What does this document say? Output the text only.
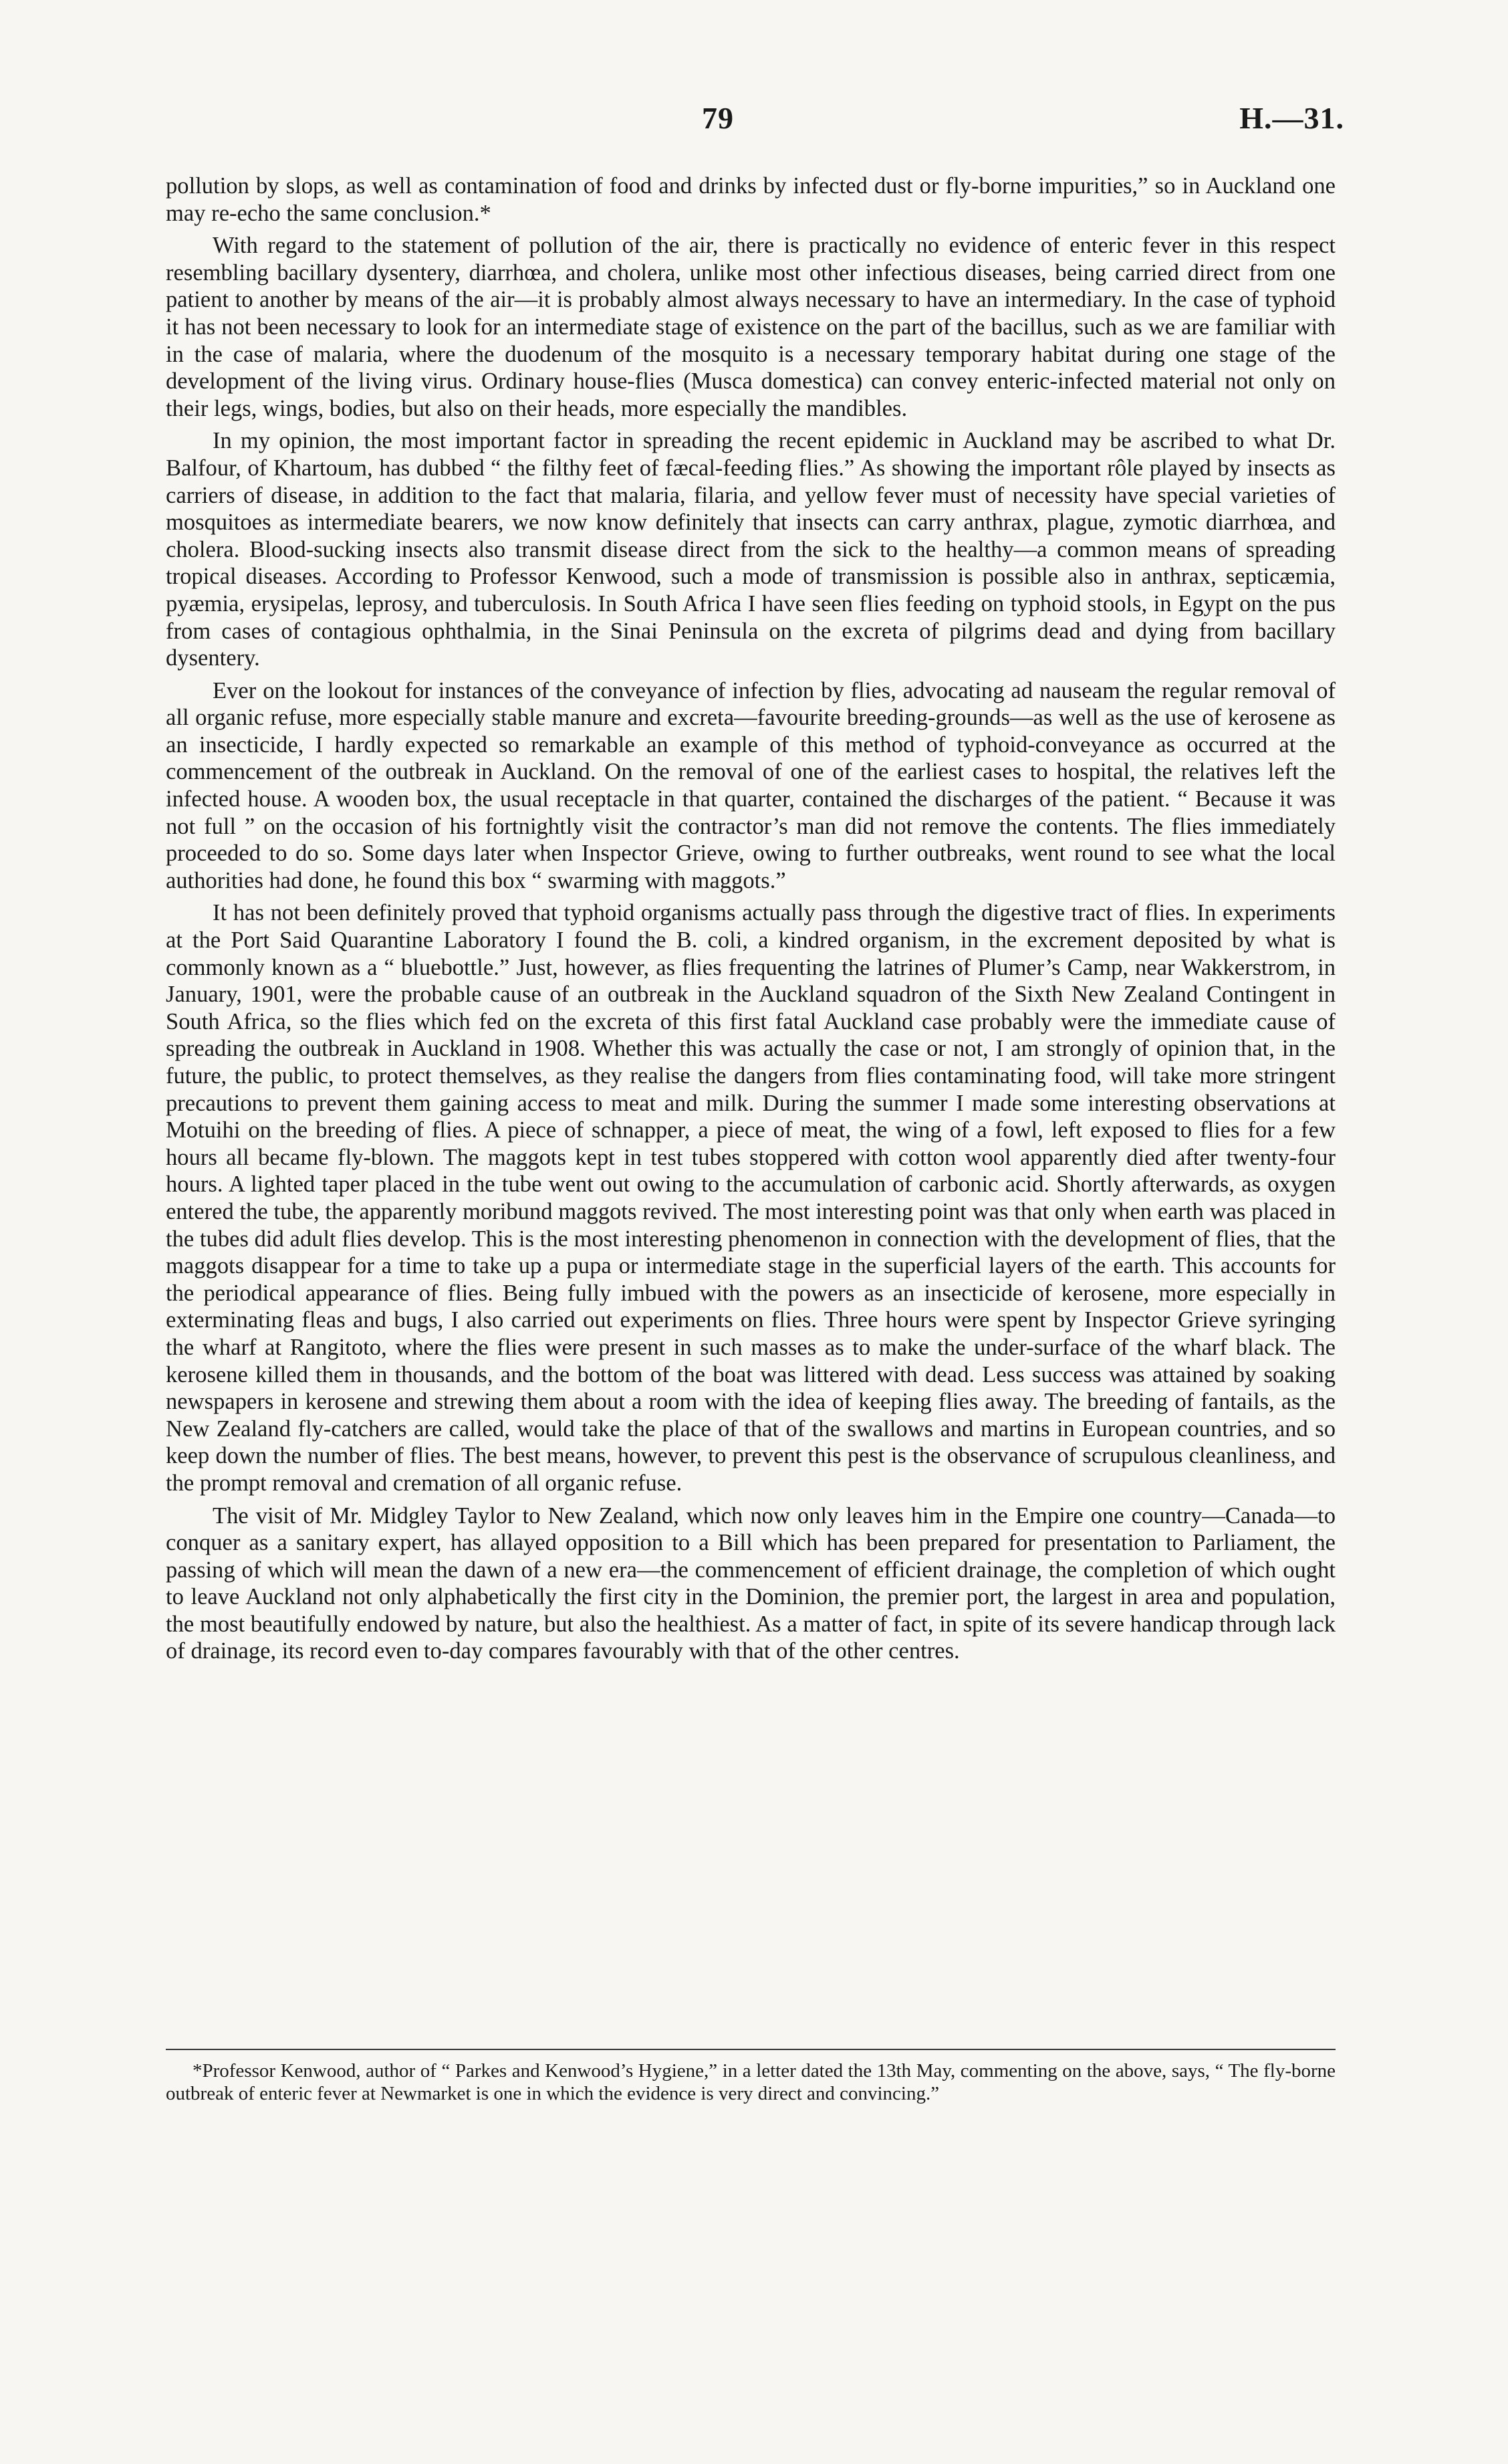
79	H.—31.

pollution by slops, as well as contamination of food and drinks by infected dust or fly-borne impurities,” so in Auckland one may re-echo the same conclusion.*

With regard to the statement of pollution of the air, there is practically no evidence of enteric fever in this respect resembling bacillary dysentery, diarrhœa, and cholera, unlike most other infectious diseases, being carried direct from one patient to another by means of the air—it is probably almost always necessary to have an intermediary. In the case of typhoid it has not been necessary to look for an intermediate stage of existence on the part of the bacillus, such as we are familiar with in the case of malaria, where the duodenum of the mosquito is a necessary temporary habitat during one stage of the development of the living virus. Ordinary house-flies (Musca domestica) can convey enteric-infected material not only on their legs, wings, bodies, but also on their heads, more especially the mandibles.

In my opinion, the most important factor in spreading the recent epidemic in Auckland may be ascribed to what Dr. Balfour, of Khartoum, has dubbed “ the filthy feet of fæcal-feeding flies.” As showing the important rôle played by insects as carriers of disease, in addition to the fact that malaria, filaria, and yellow fever must of necessity have special varieties of mosquitoes as intermediate bearers, we now know definitely that insects can carry anthrax, plague, zymotic diarrhœa, and cholera. Blood-sucking insects also transmit disease direct from the sick to the healthy—a common means of spreading tropical diseases. According to Professor Kenwood, such a mode of transmission is possible also in anthrax, septicæmia, pyæmia, erysipelas, leprosy, and tuberculosis. In South Africa I have seen flies feeding on typhoid stools, in Egypt on the pus from cases of contagious ophthalmia, in the Sinai Peninsula on the excreta of pilgrims dead and dying from bacillary dysentery.

Ever on the lookout for instances of the conveyance of infection by flies, advocating ad nauseam the regular removal of all organic refuse, more especially stable manure and excreta—favourite breeding-grounds—as well as the use of kerosene as an insecticide, I hardly expected so remarkable an example of this method of typhoid-conveyance as occurred at the commencement of the outbreak in Auckland. On the removal of one of the earliest cases to hospital, the relatives left the infected house. A wooden box, the usual receptacle in that quarter, contained the discharges of the patient. “ Because it was not full ” on the occasion of his fortnightly visit the contractor’s man did not remove the contents. The flies immediately proceeded to do so. Some days later when Inspector Grieve, owing to further outbreaks, went round to see what the local authorities had done, he found this box “ swarming with maggots.”

It has not been definitely proved that typhoid organisms actually pass through the digestive tract of flies. In experiments at the Port Said Quarantine Laboratory I found the B. coli, a kindred organism, in the excrement deposited by what is commonly known as a “ bluebottle.” Just, however, as flies frequenting the latrines of Plumer’s Camp, near Wakkerstrom, in January, 1901, were the probable cause of an outbreak in the Auckland squadron of the Sixth New Zealand Contingent in South Africa, so the flies which fed on the excreta of this first fatal Auckland case probably were the immediate cause of spreading the outbreak in Auckland in 1908. Whether this was actually the case or not, I am strongly of opinion that, in the future, the public, to protect themselves, as they realise the dangers from flies contaminating food, will take more stringent precautions to prevent them gaining access to meat and milk. During the summer I made some interesting observations at Motuihi on the breeding of flies. A piece of schnapper, a piece of meat, the wing of a fowl, left exposed to flies for a few hours all became fly-blown. The maggots kept in test tubes stoppered with cotton wool apparently died after twenty-four hours. A lighted taper placed in the tube went out owing to the accumulation of carbonic acid. Shortly afterwards, as oxygen entered the tube, the apparently moribund maggots revived. The most interesting point was that only when earth was placed in the tubes did adult flies develop. This is the most interesting phenomenon in connection with the development of flies, that the maggots disappear for a time to take up a pupa or intermediate stage in the superficial layers of the earth. This accounts for the periodical appearance of flies. Being fully imbued with the powers as an insecticide of kerosene, more especially in exterminating fleas and bugs, I also carried out experiments on flies. Three hours were spent by Inspector Grieve syringing the wharf at Rangitoto, where the flies were present in such masses as to make the under-surface of the wharf black. The kerosene killed them in thousands, and the bottom of the boat was littered with dead. Less success was attained by soaking newspapers in kerosene and strewing them about a room with the idea of keeping flies away. The breeding of fantails, as the New Zealand fly-catchers are called, would take the place of that of the swallows and martins in European countries, and so keep down the number of flies. The best means, however, to prevent this pest is the observance of scrupulous cleanliness, and the prompt removal and cremation of all organic refuse.

The visit of Mr. Midgley Taylor to New Zealand, which now only leaves him in the Empire one country—Canada—to conquer as a sanitary expert, has allayed opposition to a Bill which has been prepared for presentation to Parliament, the passing of which will mean the dawn of a new era—the commencement of efficient drainage, the completion of which ought to leave Auckland not only alphabetically the first city in the Dominion, the premier port, the largest in area and population, the most beautifully endowed by nature, but also the healthiest. As a matter of fact, in spite of its severe handicap through lack of drainage, its record even to-day compares favourably with that of the other centres.

*Professor Kenwood, author of “ Parkes and Kenwood’s Hygiene,” in a letter dated the 13th May, commenting on the above, says, “ The fly-borne outbreak of enteric fever at Newmarket is one in which the evidence is very direct and convincing.”
